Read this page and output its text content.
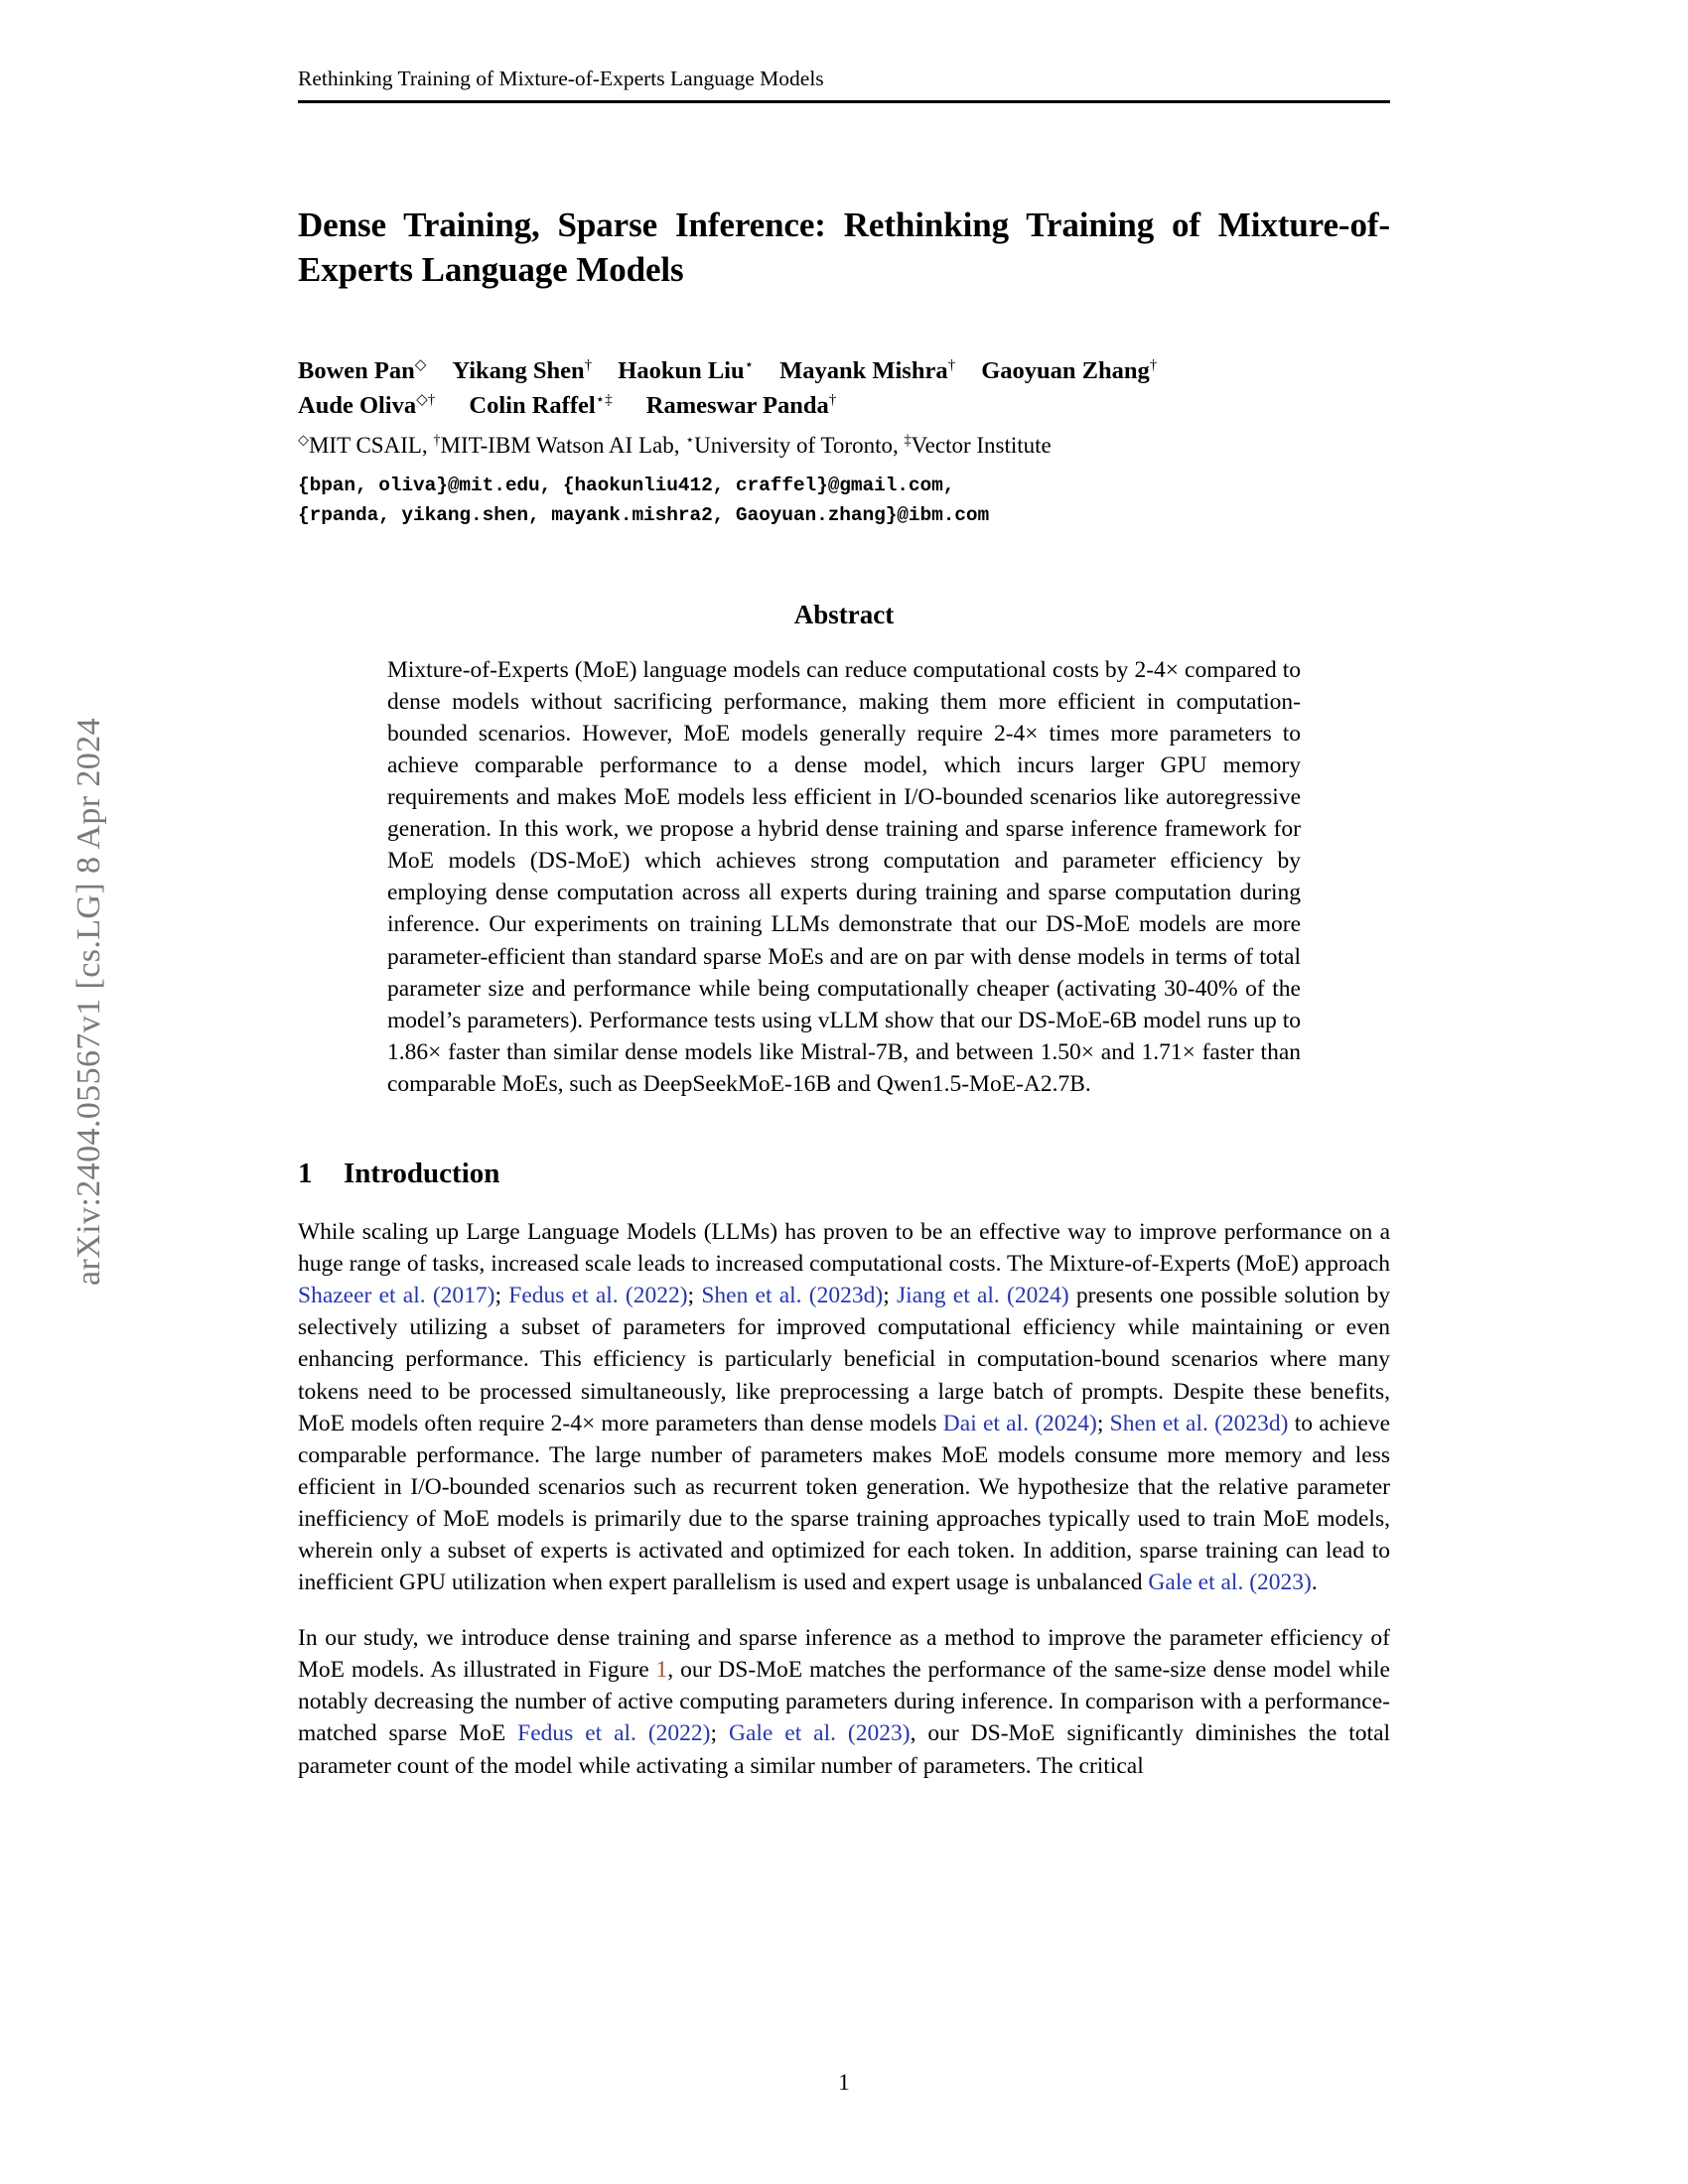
arXiv:2404.05567v1 [cs.LG] 8 Apr 2024
Rethinking Training of Mixture-of-Experts Language Models
Dense Training, Sparse Inference: Rethinking Training of Mixture-of-Experts Language Models
Bowen Pan◇ Yikang Shen† Haokun Liu⋆ Mayank Mishra† Gaoyuan Zhang†
Aude Oliva◇† Colin Raffel⋆‡ Rameswar Panda†
◇MIT CSAIL, †MIT-IBM Watson AI Lab, ⋆University of Toronto, ‡Vector Institute
{bpan, oliva}@mit.edu, {haokunliu412, craffel}@gmail.com,
{rpanda, yikang.shen, mayank.mishra2, Gaoyuan.zhang}@ibm.com
Abstract
Mixture-of-Experts (MoE) language models can reduce computational costs by 2-4× compared to dense models without sacrificing performance, making them more efficient in computation-bounded scenarios. However, MoE models generally require 2-4× times more parameters to achieve comparable performance to a dense model, which incurs larger GPU memory requirements and makes MoE models less efficient in I/O-bounded scenarios like autoregressive generation. In this work, we propose a hybrid dense training and sparse inference framework for MoE models (DS-MoE) which achieves strong computation and parameter efficiency by employing dense computation across all experts during training and sparse computation during inference. Our experiments on training LLMs demonstrate that our DS-MoE models are more parameter-efficient than standard sparse MoEs and are on par with dense models in terms of total parameter size and performance while being computationally cheaper (activating 30-40% of the model’s parameters). Performance tests using vLLM show that our DS-MoE-6B model runs up to 1.86× faster than similar dense models like Mistral-7B, and between 1.50× and 1.71× faster than comparable MoEs, such as DeepSeekMoE-16B and Qwen1.5-MoE-A2.7B.
1 Introduction

While scaling up Large Language Models (LLMs) has proven to be an effective way to improve performance on a huge range of tasks, increased scale leads to increased computational costs. The Mixture-of-Experts (MoE) approach Shazeer et al. (2017); Fedus et al. (2022); Shen et al. (2023d); Jiang et al. (2024) presents one possible solution by selectively utilizing a subset of parameters for improved computational efficiency while maintaining or even enhancing performance. This efficiency is particularly beneficial in computation-bound scenarios where many tokens need to be processed simultaneously, like preprocessing a large batch of prompts. Despite these benefits, MoE models often require 2-4× more parameters than dense models Dai et al. (2024); Shen et al. (2023d) to achieve comparable performance. The large number of parameters makes MoE models consume more memory and less efficient in I/O-bounded scenarios such as recurrent token generation. We hypothesize that the relative parameter inefficiency of MoE models is primarily due to the sparse training approaches typically used to train MoE models, wherein only a subset of experts is activated and optimized for each token. In addition, sparse training can lead to inefficient GPU utilization when expert parallelism is used and expert usage is unbalanced Gale et al. (2023).

In our study, we introduce dense training and sparse inference as a method to improve the parameter efficiency of MoE models. As illustrated in Figure 1, our DS-MoE matches the performance of the same-size dense model while notably decreasing the number of active computing parameters during inference. In comparison with a performance-matched sparse MoE Fedus et al. (2022); Gale et al. (2023), our DS-MoE significantly diminishes the total parameter count of the model while activating a similar number of parameters. The critical

1
